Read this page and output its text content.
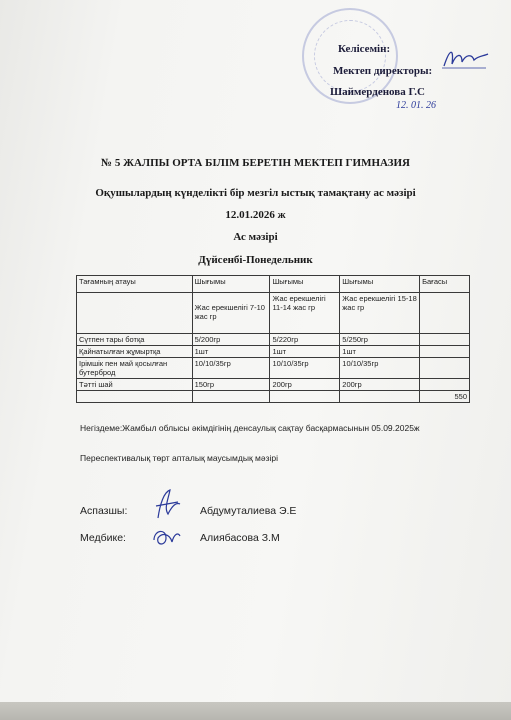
Келісемін:
Мектеп директоры:
Шаймерденова Г.С
12. 01. 26
№ 5 ЖАЛПЫ ОРТА БІЛІМ БЕРЕТІН МЕКТЕП ГИМНАЗИЯ
Оқушылардың күнделікті бір мезгіл ыстық тамақтану ас мәзірі
12.01.2026 ж
Ас мәзірі
Дүйсенбі-Понедельник
Тағамның атауы	Шығымы	Шығымы	Шығымы	Бағасы
	Жас ерекшелігі 7-10 жас гр	Жас ерекшелігі 11-14 жас гр	Жас ерекшелігі 15-18 жас гр	
Сүтпен тары ботқа	5/200гр	5/220гр	5/250гр	
Қайнатылған жұмыртқа	1шт	1шт	1шт	
Ірімшік пен май қосылған бутерброд	10/10/35гр	10/10/35гр	10/10/35гр	
Тәтті шай	150гр	200гр	200гр	
				550
Негіздеме:Жамбыл облысы әкімдігінің денсаулық сақтау басқармасынын 05.09.2025ж
Переспективалық төрт апталық маусымдық мәзірі
Аспазшы:	Абдумуталиева Э.Е
Медбике:	Алиябасова З.М
